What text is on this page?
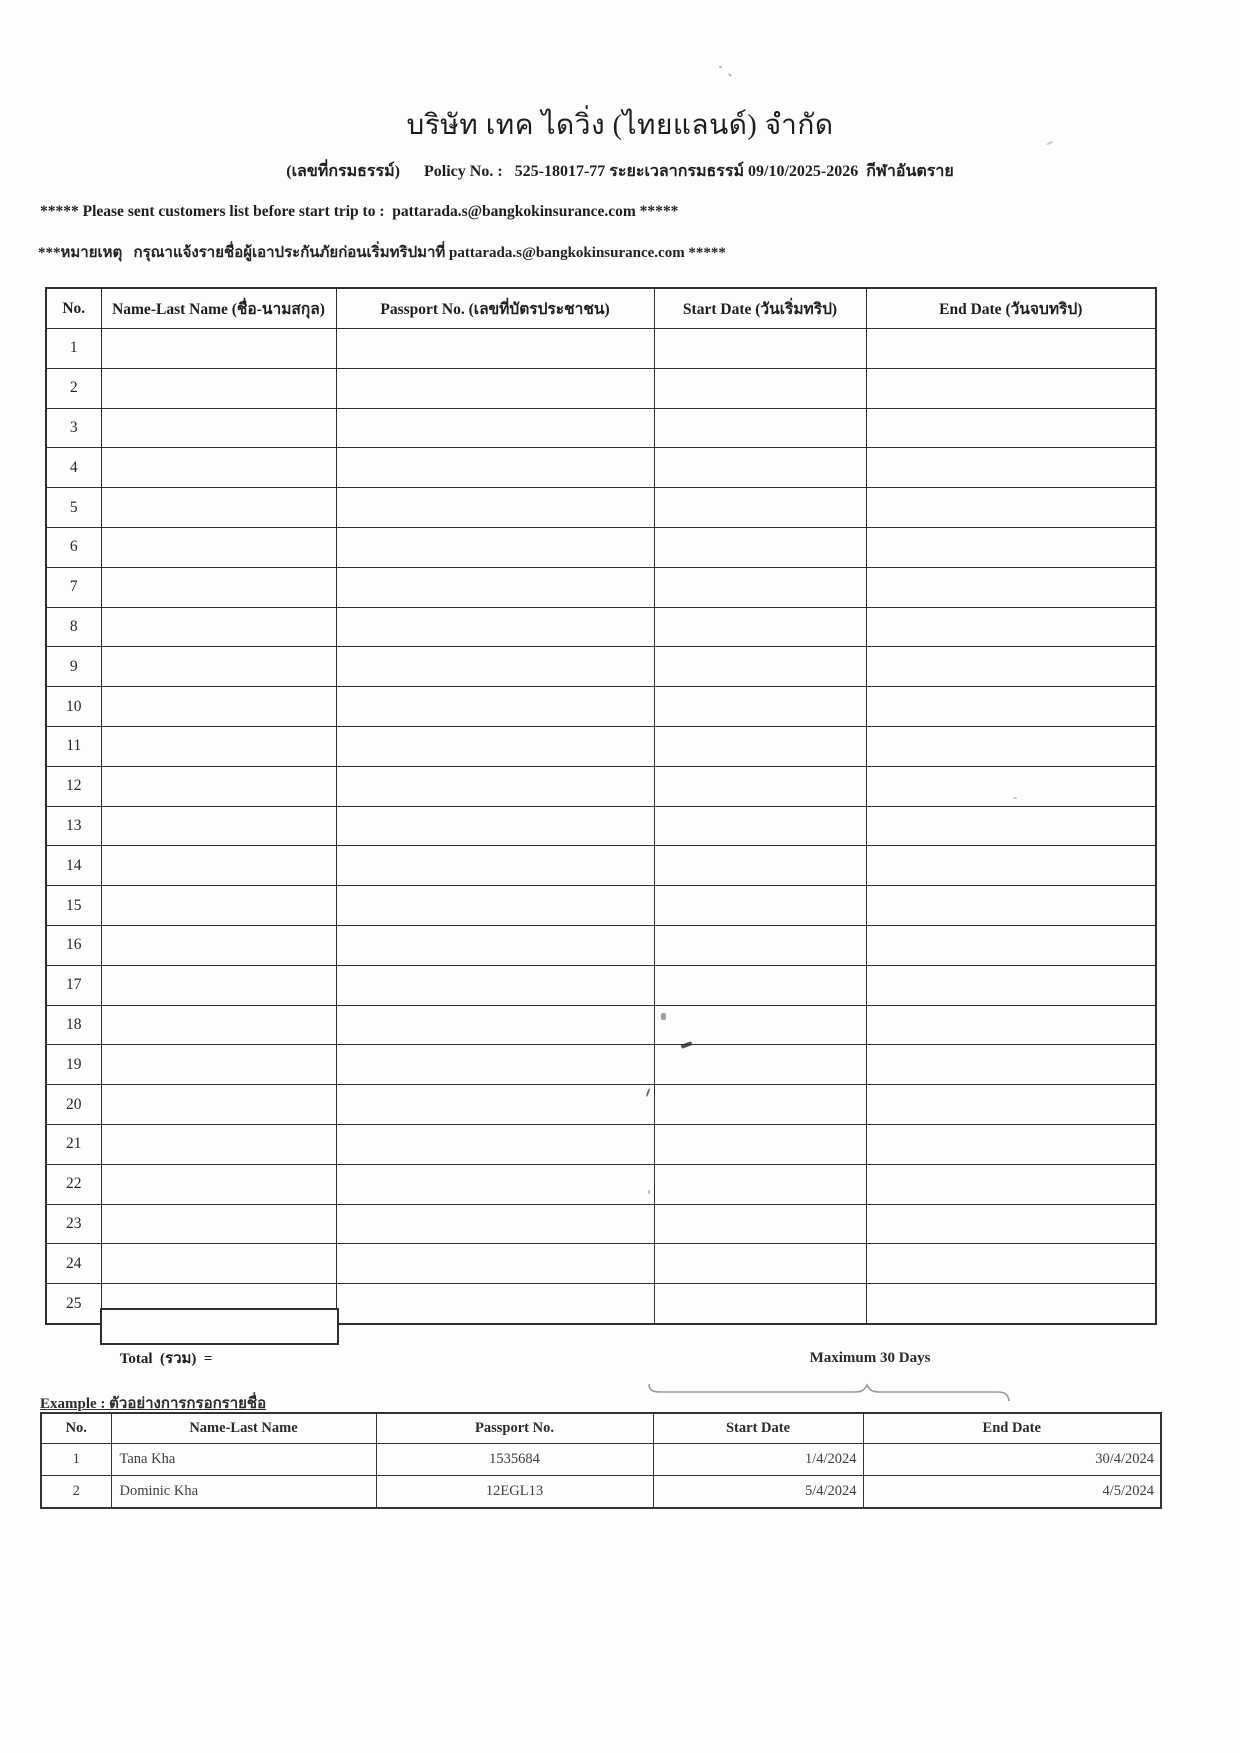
บริษัท เทค ไดวิ่ง (ไทยแลนด์) จำกัด
(เลขที่กรมธรรม์)      Policy No. :   525-18017-77 ระยะเวลากรมธรรม์ 09/10/2025-2026  กีฬาอันตราย
***** Please sent customers list before start trip to :  pattarada.s@bangkokinsurance.com *****
***หมายเหตุ   กรุณาแจ้งรายชื่อผู้เอาประกันภัยก่อนเริ่มทริปมาที่ pattarada.s@bangkokinsurance.com *****
No.	Name-Last Name (ชื่อ-นามสกุล)	Passport No. (เลขที่บัตรประชาชน)	Start Date (วันเริ่มทริป)	End Date (วันจบทริป)
1				
2				
3				
4				
5				
6				
7				
8				
9				
10				
11				
12				
13				
14				
15				
16				
17				
18				
19				
20				
21				
22				
23				
24				
25				

Total  (รวม)  =
	Maximum 30 Days
Example : ตัวอย่างการกรอกรายชื่อ
No.	Name-Last Name	Passport No.	Start Date	End Date
1	Tana Kha	1535684	1/4/2024	30/4/2024
2	Dominic Kha	12EGL13	5/4/2024	4/5/2024
